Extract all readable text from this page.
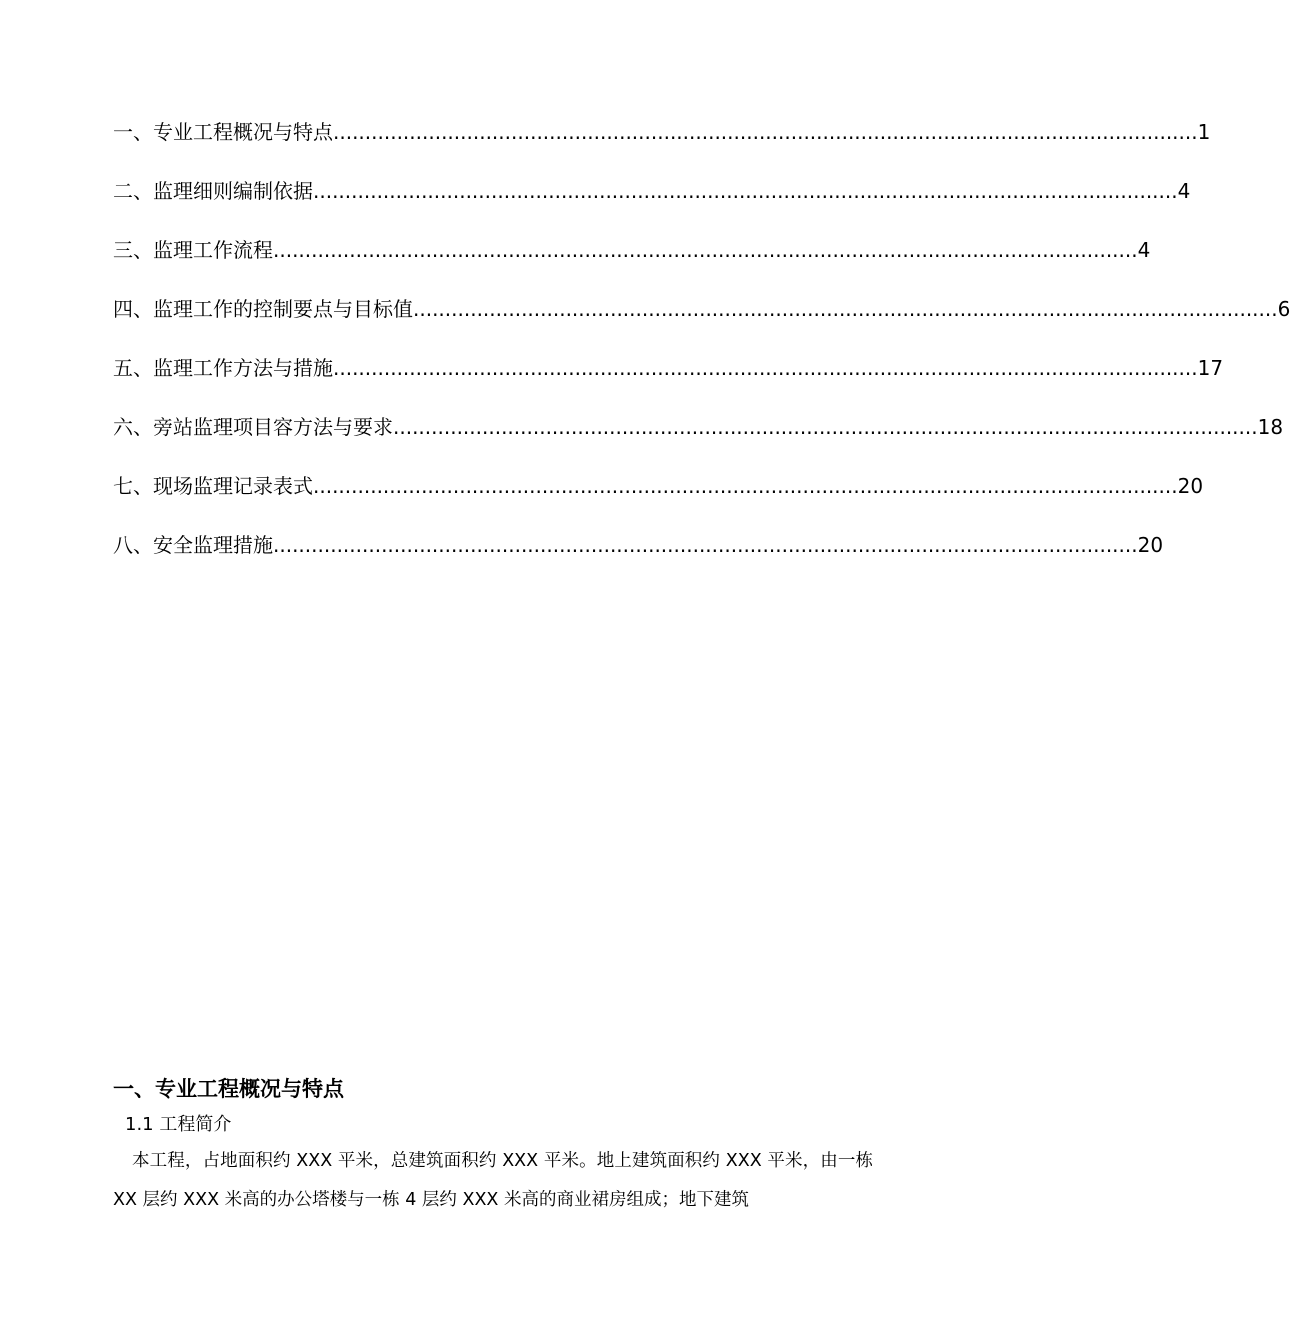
一、专业工程概况与特点 ........................................................................................................................................ 1
二、监理细则编制依据 ........................................................................................................................................ 4
三、监理工作流程 ........................................................................................................................................ 4
四、监理工作的控制要点与目标值 ........................................................................................................................................ 6
五、监理工作方法与措施 ........................................................................................................................................ 17
六、旁站监理项目容方法与要求 ........................................................................................................................................ 18
七、现场监理记录表式 ........................................................................................................................................ 20
八、安全监理措施 ........................................................................................................................................ 20
一、专业工程概况与特点
1.1 工程简介

本工程，占地面积约 XXX 平米，总建筑面积约 XXX 平米。地上建筑面积约 XXX 平米，由一栋 XX 层约 XXX 米高的办公塔楼与一栋 4 层约 XXX 米高的商业裙房组成；地下建筑
